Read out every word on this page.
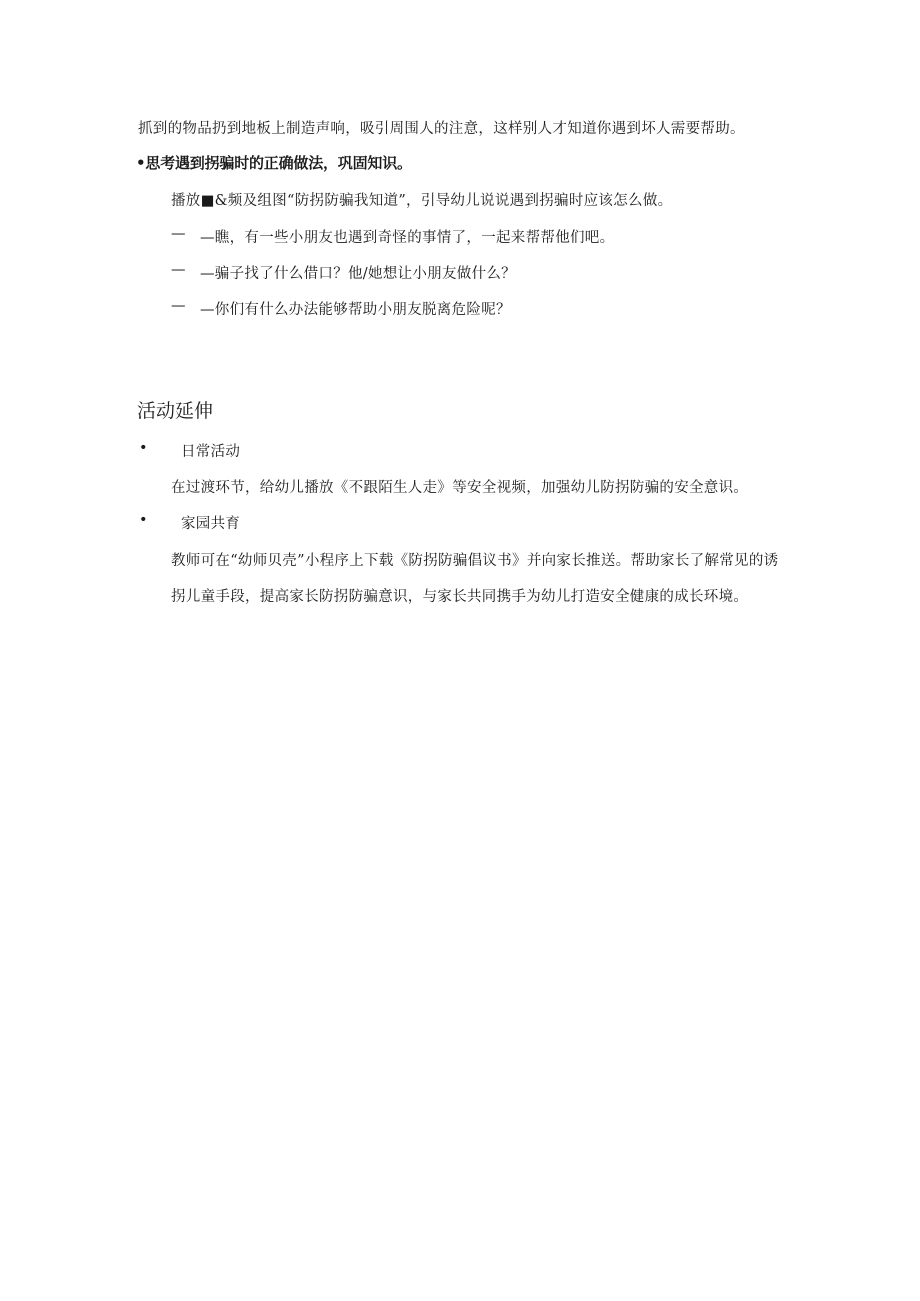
抓到的物品扔到地板上制造声响，吸引周围人的注意，这样别人才知道你遇到坏人需要帮助。
•思考遇到拐骗时的正确做法，巩固知识。
播放■&频及组图“防拐防骗我知道”，引导幼儿说说遇到拐骗时应该怎么做。
— —瞧，有一些小朋友也遇到奇怪的事情了，一起来帮帮他们吧。
— —骗子找了什么借口？他/她想让小朋友做什么？
— —你们有什么办法能够帮助小朋友脱离危险呢？
活动延伸
• 日常活动
在过渡环节，给幼儿播放《不跟陌生人走》等安全视频，加强幼儿防拐防骗的安全意识。
• 家园共育
教师可在“幼师贝壳”小程序上下载《防拐防骗倡议书》并向家长推送。帮助家长了解常见的诱
拐儿童手段，提高家长防拐防骗意识，与家长共同携手为幼儿打造安全健康的成长环境。
